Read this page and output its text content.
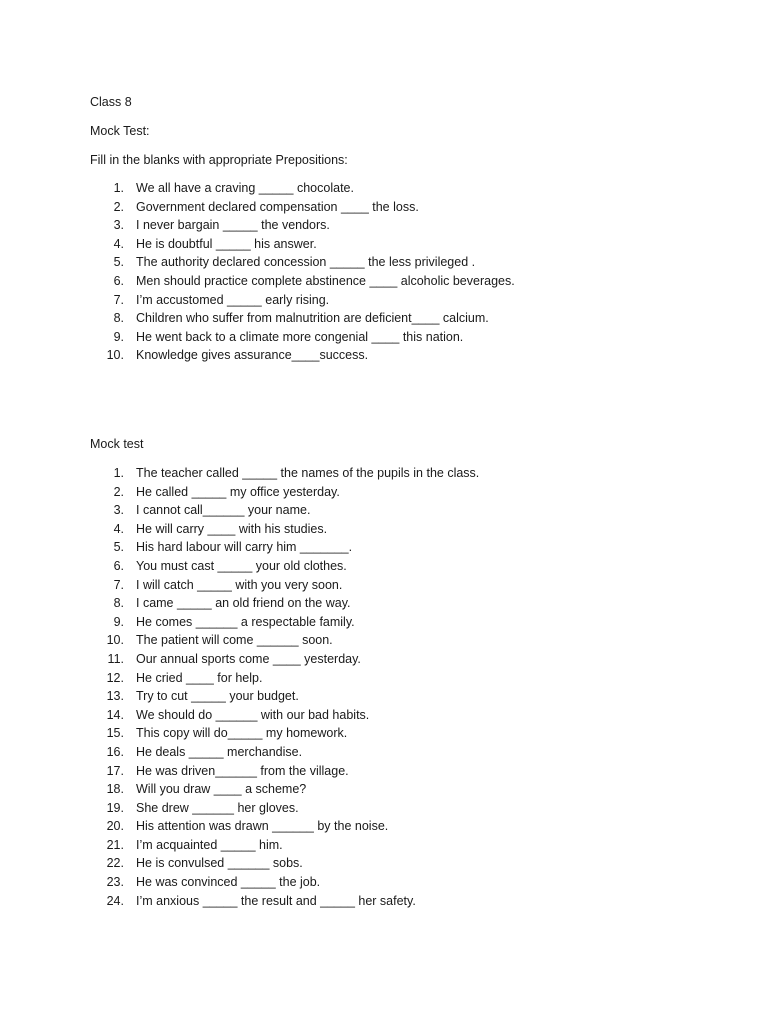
Class 8
Mock Test:
Fill in the blanks with appropriate Prepositions:
1. We all have a craving _____ chocolate.
2. Government declared compensation ____ the loss.
3. I never bargain _____ the vendors.
4. He is doubtful _____ his answer.
5. The authority declared concession _____ the less privileged .
6. Men should practice complete abstinence ____ alcoholic beverages.
7. I’m accustomed _____ early rising.
8. Children who suffer from malnutrition are deficient____ calcium.
9. He went back to a climate more congenial ____ this nation.
10. Knowledge gives assurance____success.
Mock test
1. The teacher called _____ the names of the pupils in the class.
2. He called _____ my office yesterday.
3. I cannot call______ your name.
4. He will carry ____ with his studies.
5. His hard labour will carry him _______.
6. You must cast _____ your old clothes.
7. I will catch _____ with you very soon.
8. I came _____ an old friend on the way.
9. He comes ______ a respectable family.
10. The patient will come ______ soon.
11. Our annual sports come ____ yesterday.
12. He cried ____ for help.
13. Try to cut _____ your budget.
14. We should do ______ with our bad habits.
15. This copy will do_____ my homework.
16. He deals _____ merchandise.
17. He was driven______ from the village.
18. Will you draw ____ a scheme?
19. She drew ______ her gloves.
20. His attention was drawn ______ by the noise.
21. I’m acquainted _____ him.
22. He is convulsed ______ sobs.
23. He was convinced _____ the job.
24. I’m anxious _____ the result and _____ her safety.
